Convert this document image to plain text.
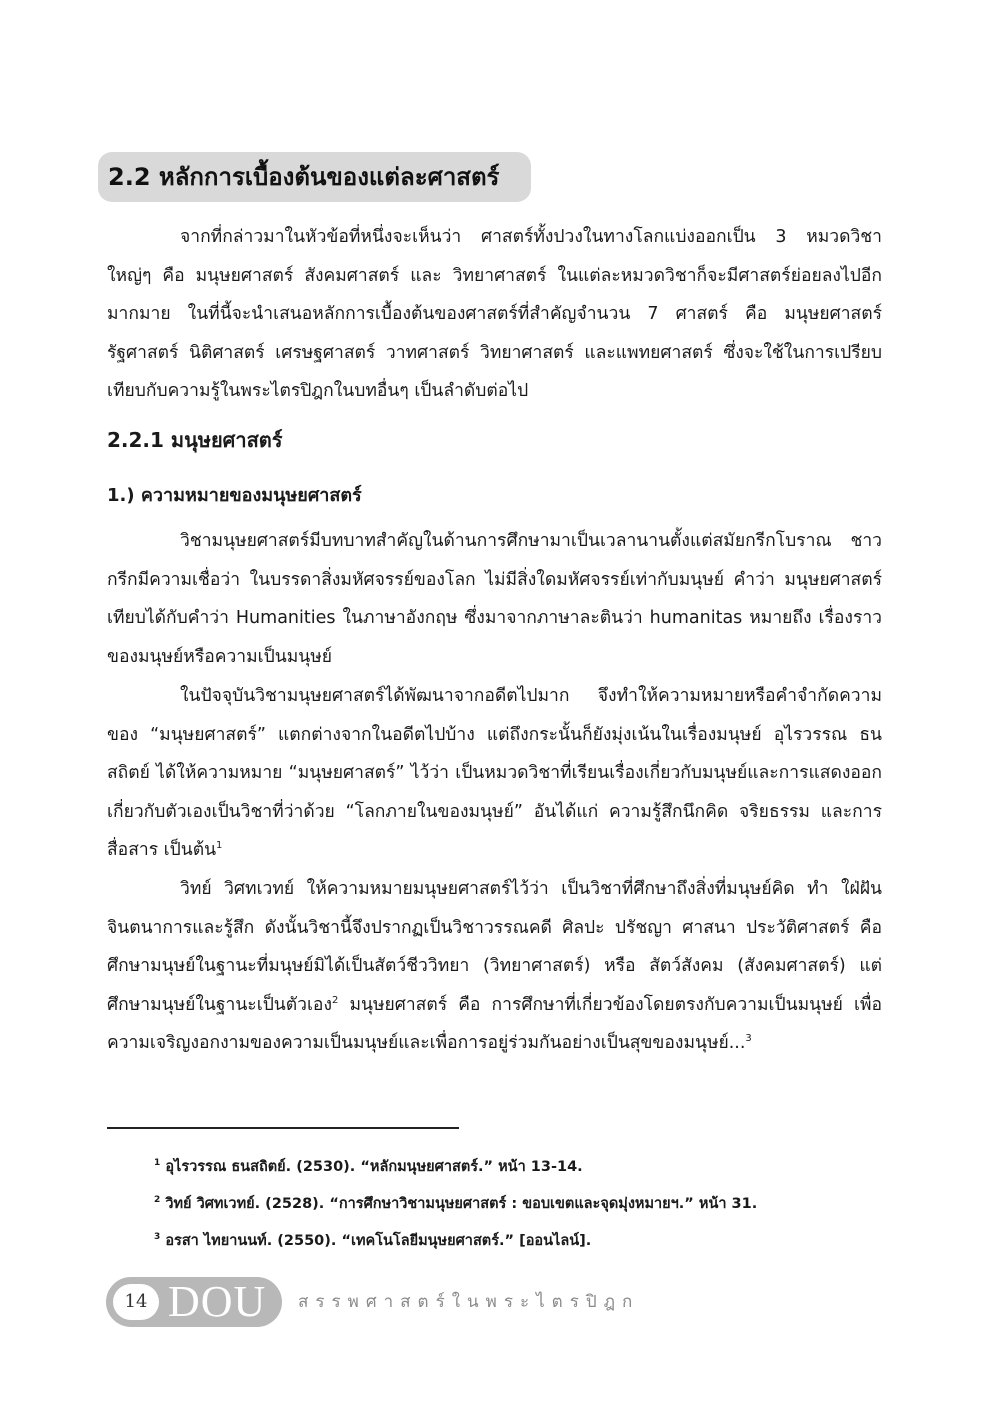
2.2 หลักการเบื้องต้นของแต่ละศาสตร์

จากที่กล่าวมาในหัวข้อที่หนึ่งจะเห็นว่า ศาสตร์ทั้งปวงในทางโลกแบ่งออกเป็น 3 หมวดวิชาใหญ่ๆ คือ มนุษยศาสตร์ สังคมศาสตร์ และ วิทยาศาสตร์ ในแต่ละหมวดวิชาก็จะมีศาสตร์ย่อยลงไปอีกมากมาย ในที่นี้จะนำเสนอหลักการเบื้องต้นของศาสตร์ที่สำคัญจำนวน 7 ศาสตร์ คือ มนุษยศาสตร์ รัฐศาสตร์ นิติศาสตร์ เศรษฐศาสตร์ วาทศาสตร์ วิทยาศาสตร์ และแพทยศาสตร์ ซึ่งจะใช้ในการเปรียบเทียบกับความรู้ในพระไตรปิฎกในบทอื่นๆ เป็นลำดับต่อไป

2.2.1 มนุษยศาสตร์
1.) ความหมายของมนุษยศาสตร์

วิชามนุษยศาสตร์มีบทบาทสำคัญในด้านการศึกษามาเป็นเวลานานตั้งแต่สมัยกรีกโบราณ ชาวกรีกมีความเชื่อว่า ในบรรดาสิ่งมหัศจรรย์ของโลก ไม่มีสิ่งใดมหัศจรรย์เท่ากับมนุษย์ คำว่า มนุษยศาสตร์ เทียบได้กับคำว่า Humanities ในภาษาอังกฤษ ซึ่งมาจากภาษาละตินว่า humanitas หมายถึง เรื่องราวของมนุษย์หรือความเป็นมนุษย์

ในปัจจุบันวิชามนุษยศาสตร์ได้พัฒนาจากอดีตไปมาก จึงทำให้ความหมายหรือคำจำกัดความของ “มนุษยศาสตร์” แตกต่างจากในอดีตไปบ้าง แต่ถึงกระนั้นก็ยังมุ่งเน้นในเรื่องมนุษย์ อุไรวรรณ ธนสถิตย์ ได้ให้ความหมาย “มนุษยศาสตร์” ไว้ว่า เป็นหมวดวิชาที่เรียนเรื่องเกี่ยวกับมนุษย์และการแสดงออกเกี่ยวกับตัวเองเป็นวิชาที่ว่าด้วย “โลกภายในของมนุษย์” อันได้แก่ ความรู้สึกนึกคิด จริยธรรม และการสื่อสาร เป็นต้น$^1$

วิทย์ วิศทเวทย์ ให้ความหมายมนุษยศาสตร์ไว้ว่า เป็นวิชาที่ศึกษาถึงสิ่งที่มนุษย์คิด ทำ ใฝ่ฝัน จินตนาการและรู้สึก ดังนั้นวิชานี้จึงปรากฏเป็นวิชาวรรณคดี ศิลปะ ปรัชญา ศาสนา ประวัติศาสตร์ คือ ศึกษามนุษย์ในฐานะที่มนุษย์มิได้เป็นสัตว์ชีววิทยา (วิทยาศาสตร์) หรือ สัตว์สังคม (สังคมศาสตร์) แต่ศึกษามนุษย์ในฐานะเป็นตัวเอง$^2$ มนุษยศาสตร์ คือ การศึกษาที่เกี่ยวข้องโดยตรงกับความเป็นมนุษย์ เพื่อความเจริญงอกงามของความเป็นมนุษย์และเพื่อการอยู่ร่วมกันอย่างเป็นสุขของมนุษย์...$^3$

$^1$ อุไรวรรณ ธนสถิตย์. (2530). “หลักมนุษยศาสตร์.” หน้า 13-14.

$^2$ วิทย์ วิศทเวทย์. (2528). “การศึกษาวิชามนุษยศาสตร์ : ขอบเขตและจุดมุ่งหมายฯ.” หน้า 31.

$^3$ อรสา ไทยานนท์. (2550). “เทคโนโลยีมนุษยศาสตร์.” [ออนไลน์].

14 DOU สรรพศาสตร์ในพระไตรปิฎก
